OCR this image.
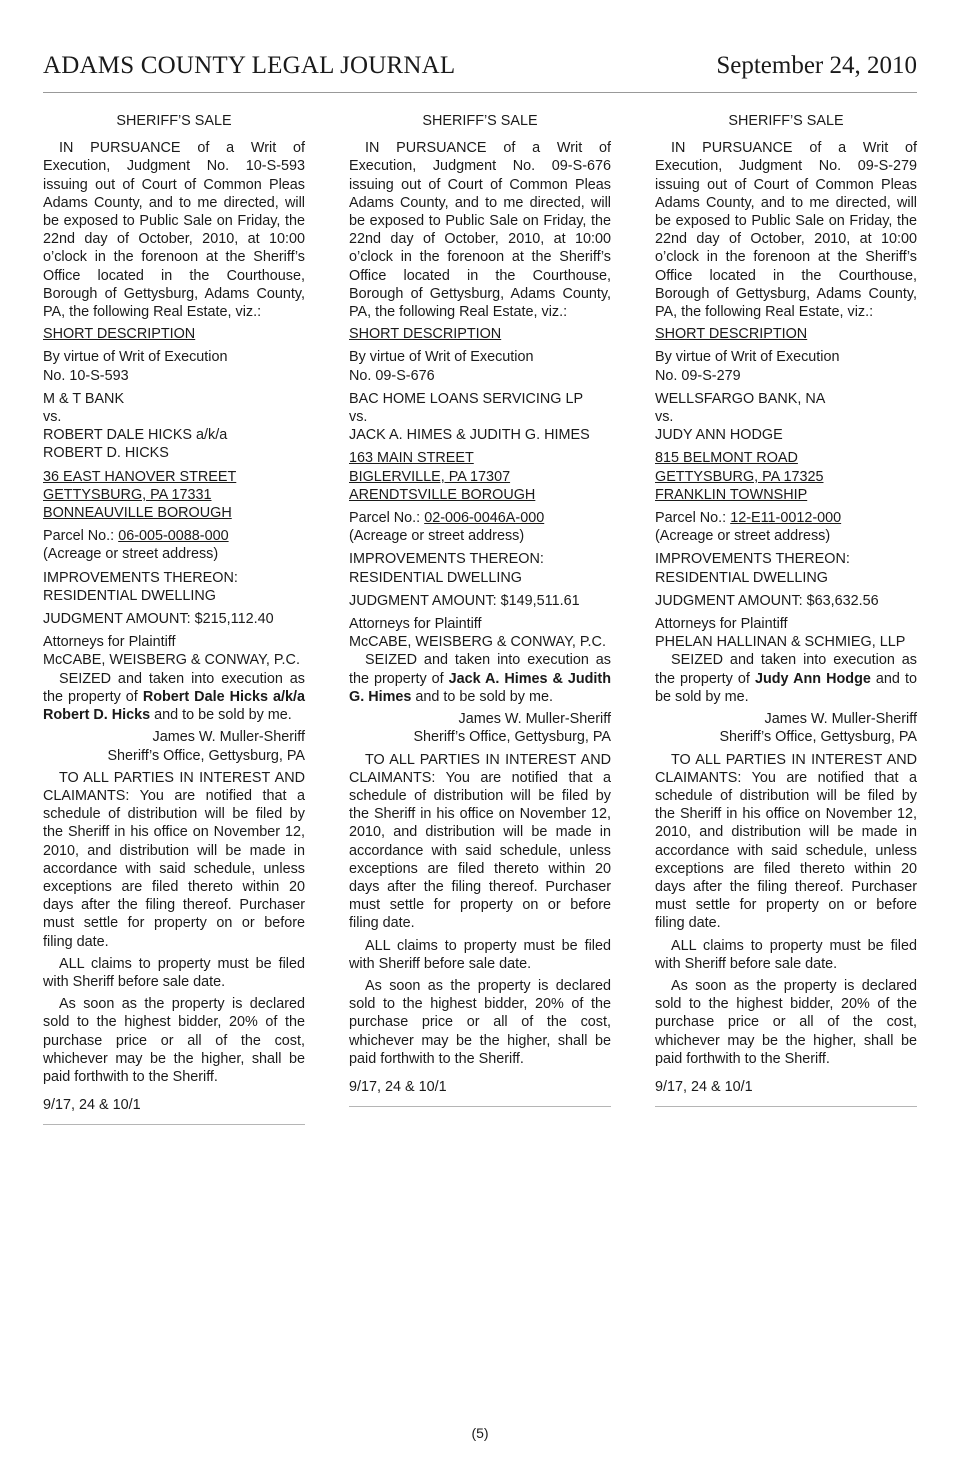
ADAMS COUNTY LEGAL JOURNAL	September 24, 2010

SHERIFF’S SALE

IN PURSUANCE of a Writ of Execution, Judgment No. 10-S-593 issuing out of Court of Common Pleas Adams County, and to me directed, will be exposed to Public Sale on Friday, the 22nd day of October, 2010, at 10:00 o’clock in the forenoon at the Sheriff’s Office located in the Courthouse, Borough of Gettysburg, Adams County, PA, the following Real Estate, viz.:

SHORT DESCRIPTION

By virtue of Writ of Execution
No. 10-S-593
M & T BANK
vs.
ROBERT DALE HICKS a/k/a
ROBERT D. HICKS
36 EAST HANOVER STREET
GETTYSBURG, PA 17331
BONNEAUVILLE BOROUGH
Parcel No.: 06-005-0088-000
(Acreage or street address)
IMPROVEMENTS THEREON:
RESIDENTIAL DWELLING

JUDGMENT AMOUNT: $215,112.40

Attorneys for Plaintiff
McCABE, WEISBERG & CONWAY, P.C.

SEIZED and taken into execution as the property of Robert Dale Hicks a/k/a Robert D. Hicks and to be sold by me.

James W. Muller-Sheriff
Sheriff’s Office, Gettysburg, PA

TO ALL PARTIES IN INTEREST AND CLAIMANTS: You are notified that a schedule of distribution will be filed by the Sheriff in his office on November 12, 2010, and distribution will be made in accordance with said schedule, unless exceptions are filed thereto within 20 days after the filing thereof. Purchaser must settle for property on or before filing date.

ALL claims to property must be filed with Sheriff before sale date.

As soon as the property is declared sold to the highest bidder, 20% of the purchase price or all of the cost, whichever may be the higher, shall be paid forthwith to the Sheriff.

9/17, 24 & 10/1

SHERIFF’S SALE

IN PURSUANCE of a Writ of Execution, Judgment No. 09-S-676 issuing out of Court of Common Pleas Adams County, and to me directed, will be exposed to Public Sale on Friday, the 22nd day of October, 2010, at 10:00 o’clock in the forenoon at the Sheriff’s Office located in the Courthouse, Borough of Gettysburg, Adams County, PA, the following Real Estate, viz.:

SHORT DESCRIPTION

By virtue of Writ of Execution
No. 09-S-676
BAC HOME LOANS SERVICING LP
vs.
JACK A. HIMES & JUDITH G. HIMES
163 MAIN STREET
BIGLERVILLE, PA 17307
ARENDTSVILLE BOROUGH
Parcel No.: 02-006-0046A-000
(Acreage or street address)
IMPROVEMENTS THEREON:
RESIDENTIAL DWELLING

JUDGMENT AMOUNT: $149,511.61

Attorneys for Plaintiff
McCABE, WEISBERG & CONWAY, P.C.

SEIZED and taken into execution as the property of Jack A. Himes & Judith G. Himes and to be sold by me.

James W. Muller-Sheriff
Sheriff’s Office, Gettysburg, PA

TO ALL PARTIES IN INTEREST AND CLAIMANTS: You are notified that a schedule of distribution will be filed by the Sheriff in his office on November 12, 2010, and distribution will be made in accordance with said schedule, unless exceptions are filed thereto within 20 days after the filing thereof. Purchaser must settle for property on or before filing date.

ALL claims to property must be filed with Sheriff before sale date.

As soon as the property is declared sold to the highest bidder, 20% of the purchase price or all of the cost, whichever may be the higher, shall be paid forthwith to the Sheriff.

9/17, 24 & 10/1

SHERIFF’S SALE

IN PURSUANCE of a Writ of Execution, Judgment No. 09-S-279 issuing out of Court of Common Pleas Adams County, and to me directed, will be exposed to Public Sale on Friday, the 22nd day of October, 2010, at 10:00 o’clock in the forenoon at the Sheriff’s Office located in the Courthouse, Borough of Gettysburg, Adams County, PA, the following Real Estate, viz.:

SHORT DESCRIPTION

By virtue of Writ of Execution
No. 09-S-279
WELLSFARGO BANK, NA
vs.
JUDY ANN HODGE
815 BELMONT ROAD
GETTYSBURG, PA 17325
FRANKLIN TOWNSHIP
Parcel No.: 12-E11-0012-000
(Acreage or street address)
IMPROVEMENTS THEREON:
RESIDENTIAL DWELLING

JUDGMENT AMOUNT: $63,632.56

Attorneys for Plaintiff
PHELAN HALLINAN & SCHMIEG, LLP

SEIZED and taken into execution as the property of Judy Ann Hodge and to be sold by me.

James W. Muller-Sheriff
Sheriff’s Office, Gettysburg, PA

TO ALL PARTIES IN INTEREST AND CLAIMANTS: You are notified that a schedule of distribution will be filed by the Sheriff in his office on November 12, 2010, and distribution will be made in accordance with said schedule, unless exceptions are filed thereto within 20 days after the filing thereof. Purchaser must settle for property on or before filing date.

ALL claims to property must be filed with Sheriff before sale date.

As soon as the property is declared sold to the highest bidder, 20% of the purchase price or all of the cost, whichever may be the higher, shall be paid forthwith to the Sheriff.

9/17, 24 & 10/1
(5)
